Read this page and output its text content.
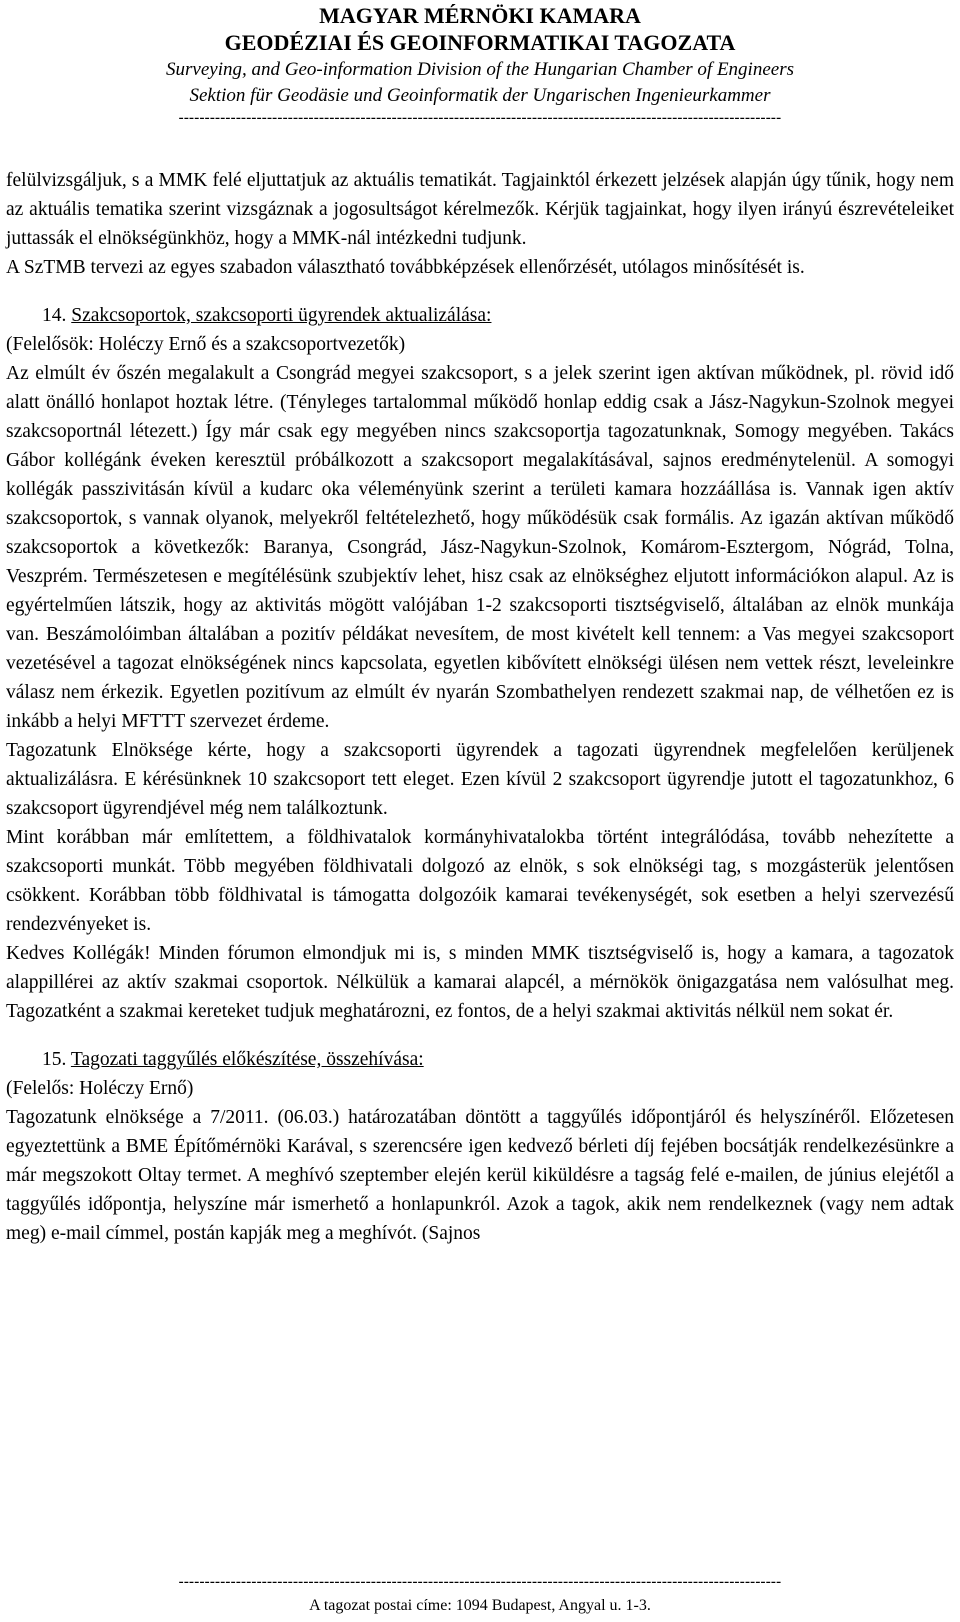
MAGYAR MÉRNÖKI KAMARA
GEODÉZIAI ÉS GEOINFORMATIKAI TAGOZATA
Surveying, and Geo-information Division of the Hungarian Chamber of Engineers
Sektion für Geodäsie und Geoinformatik der Ungarischen Ingenieurkammer
--------------------------------------------------------------------------------------------------------------------

felülvizsgáljuk, s a MMK felé eljuttatjuk az aktuális tematikát. Tagjainktól érkezett jelzések alapján úgy tűnik, hogy nem az aktuális tematika szerint vizsgáznak a jogosultságot kérelmezők. Kérjük tagjainkat, hogy ilyen irányú észrevételeiket juttassák el elnökségünkhöz, hogy a MMK-nál intézkedni tudjunk.

A SzTMB tervezi az egyes szabadon választható továbbképzések ellenőrzését, utólagos minősítését is.

14. Szakcsoportok, szakcsoporti ügyrendek aktualizálása:

(Felelősök: Holéczy Ernő és a szakcsoportvezetők)

Az elmúlt év őszén megalakult a Csongrád megyei szakcsoport, s a jelek szerint igen aktívan működnek, pl. rövid idő alatt önálló honlapot hoztak létre. (Tényleges tartalommal működő honlap eddig csak a Jász-Nagykun-Szolnok megyei szakcsoportnál létezett.) Így már csak egy megyében nincs szakcsoportja tagozatunknak, Somogy megyében. Takács Gábor kollégánk éveken keresztül próbálkozott a szakcsoport megalakításával, sajnos eredménytelenül. A somogyi kollégák passzivitásán kívül a kudarc oka véleményünk szerint a területi kamara hozzáállása is. Vannak igen aktív szakcsoportok, s vannak olyanok, melyekről feltételezhető, hogy működésük csak formális. Az igazán aktívan működő szakcsoportok a következők: Baranya, Csongrád, Jász-Nagykun-Szolnok, Komárom-Esztergom, Nógrád, Tolna, Veszprém. Természetesen e megítélésünk szubjektív lehet, hisz csak az elnökséghez eljutott információkon alapul. Az is egyértelműen látszik, hogy az aktivitás mögött valójában 1-2 szakcsoporti tisztségviselő, általában az elnök munkája van. Beszámolóimban általában a pozitív példákat nevesítem, de most kivételt kell tennem: a Vas megyei szakcsoport vezetésével a tagozat elnökségének nincs kapcsolata, egyetlen kibővített elnökségi ülésen nem vettek részt, leveleinkre válasz nem érkezik. Egyetlen pozitívum az elmúlt év nyarán Szombathelyen rendezett szakmai nap, de vélhetően ez is inkább a helyi MFTTT szervezet érdeme.

Tagozatunk Elnöksége kérte, hogy a szakcsoporti ügyrendek a tagozati ügyrendnek megfelelően kerüljenek aktualizálásra. E kérésünknek 10 szakcsoport tett eleget. Ezen kívül 2 szakcsoport ügyrendje jutott el tagozatunkhoz, 6 szakcsoport ügyrendjével még nem találkoztunk.

Mint korábban már említettem, a földhivatalok kormányhivatalokba történt integrálódása, tovább nehezítette a szakcsoporti munkát. Több megyében földhivatali dolgozó az elnök, s sok elnökségi tag, s mozgásterük jelentősen csökkent. Korábban több földhivatal is támogatta dolgozóik kamarai tevékenységét, sok esetben a helyi szervezésű rendezvényeket is.

Kedves Kollégák! Minden fórumon elmondjuk mi is, s minden MMK tisztségviselő is, hogy a kamara, a tagozatok alappillérei az aktív szakmai csoportok. Nélkülük a kamarai alapcél, a mérnökök önigazgatása nem valósulhat meg. Tagozatként a szakmai kereteket tudjuk meghatározni, ez fontos, de a helyi szakmai aktivitás nélkül nem sokat ér.

15. Tagozati taggyűlés előkészítése, összehívása:

(Felelős: Holéczy Ernő)

Tagozatunk elnöksége a 7/2011. (06.03.) határozatában döntött a taggyűlés időpontjáról és helyszínéről. Előzetesen egyeztettünk a BME Építőmérnöki Karával, s szerencsére igen kedvező bérleti díj fejében bocsátják rendelkezésünkre a már megszokott Oltay termet. A meghívó szeptember elején kerül kiküldésre a tagság felé e-mailen, de június elejétől a taggyűlés időpontja, helyszíne már ismerhető a honlapunkról. Azok a tagok, akik nem rendelkeznek (vagy nem adtak meg) e-mail címmel, postán kapják meg a meghívót. (Sajnos

--------------------------------------------------------------------------------------------------------------------
A tagozat postai címe: 1094 Budapest, Angyal u. 1-3.
